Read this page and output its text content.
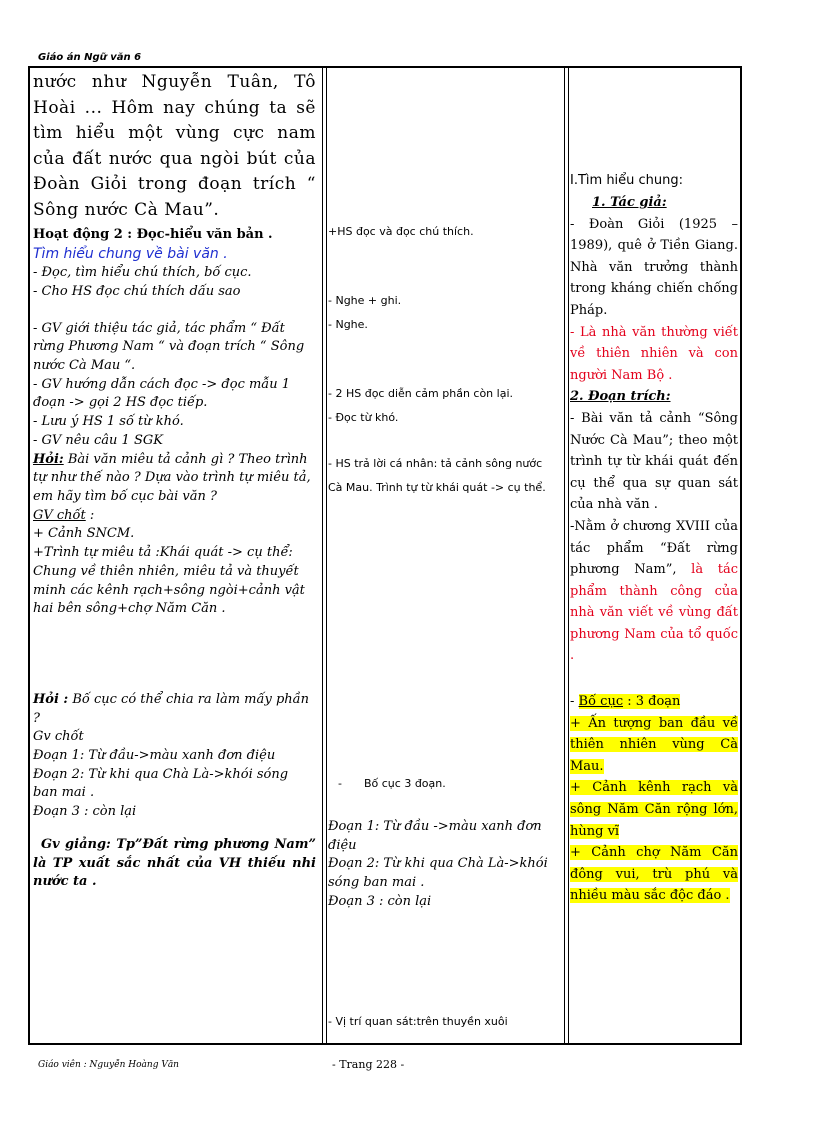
Giáo án Ngữ văn 6
nước như Nguyễn Tuân, Tô Hoài ... Hôm nay chúng ta sẽ tìm hiểu một vùng cực nam của đất nước qua ngòi bút của Đoàn Giỏi trong đoạn trích “ Sông nước Cà Mau”.

Hoạt động 2 : Đọc-hiểu văn bản .

Tìm hiểu chung về bài văn .

- Đọc, tìm hiểu chú thích, bố cục.

- Cho HS đọc chú thích dấu sao

- GV giới thiệu tác giả, tác phẩm “ Đất rừng Phương Nam “ và đoạn trích “ Sông nước Cà Mau “.

- GV hướng dẫn cách đọc -> đọc mẫu 1 đoạn -> gọi 2 HS đọc tiếp.

- Lưu ý HS 1 số từ khó.

- GV nêu câu 1 SGK

Hỏi: Bài văn miêu tả cảnh gì ? Theo trình tự như thế nào ? Dựa vào trình tự miêu tả, em hãy tìm bố cục bài văn ?

GV chốt :

+ Cảnh SNCM.

+Trình tự miêu tả :Khái quát -> cụ thể: Chung về thiên nhiên, miêu tả và thuyết minh các kênh rạch+sông ngòi+cảnh vật hai bên sông+chợ Năm Căn .

Hỏi : Bố cục có thể chia ra làm mấy phần ?

Gv chốt

Đoạn 1: Từ đầu->màu xanh đơn điệu

Đoạn 2: Từ khi qua Chà Là->khói sóng ban mai .

Đoạn 3 : còn lại

Gv giảng: Tp”Đất rừng phương Nam” là TP xuất sắc nhất của VH thiếu nhi nước ta .

+HS đọc và đọc chú thích.
- Nghe + ghi.
- Nghe.
- 2 HS đọc diễn cảm phần còn lại.
- Đọc từ khó.
- HS trả lời cá nhân: tả cảnh sông nước Cà Mau. Trình tự từ khái quát -> cụ thể.
- Bố cục 3 đoạn.

Đoạn 1: Từ đầu ->màu xanh đơn điệu

Đoạn 2: Từ khi qua Chà Là->khói sóng ban mai .

Đoạn 3 : còn lại

- Vị trí quan sát:trên thuyền xuôi
I.Tìm hiểu chung:

1. Tác giả:

- Đoàn Giỏi (1925 – 1989), quê ở Tiền Giang. Nhà văn trưởng thành trong kháng chiến chống Pháp.

- Là nhà văn thường viết về thiên nhiên và con người Nam Bộ .

2. Đoạn trích:

- Bài văn tả cảnh “Sông Nước Cà Mau”; theo một trình tự từ khái quát đến cụ thể qua sự quan sát của nhà văn .

-Nằm ở chương XVIII của tác phẩm “Đất rừng phương Nam”, là tác phẩm thành công của nhà văn viết về vùng đất phương Nam của tổ quốc .

- Bố cục : 3 đoạn

+ Ấn tượng ban đầu về thiên nhiên vùng Cà Mau.

+ Cảnh kênh rạch và sông Năm Căn rộng lớn, hùng vĩ

+ Cảnh chợ Năm Căn đông vui, trù phú và nhiều màu sắc độc đáo .

Giáo viên : Nguyễn Hoàng Văn	- Trang 228 -
